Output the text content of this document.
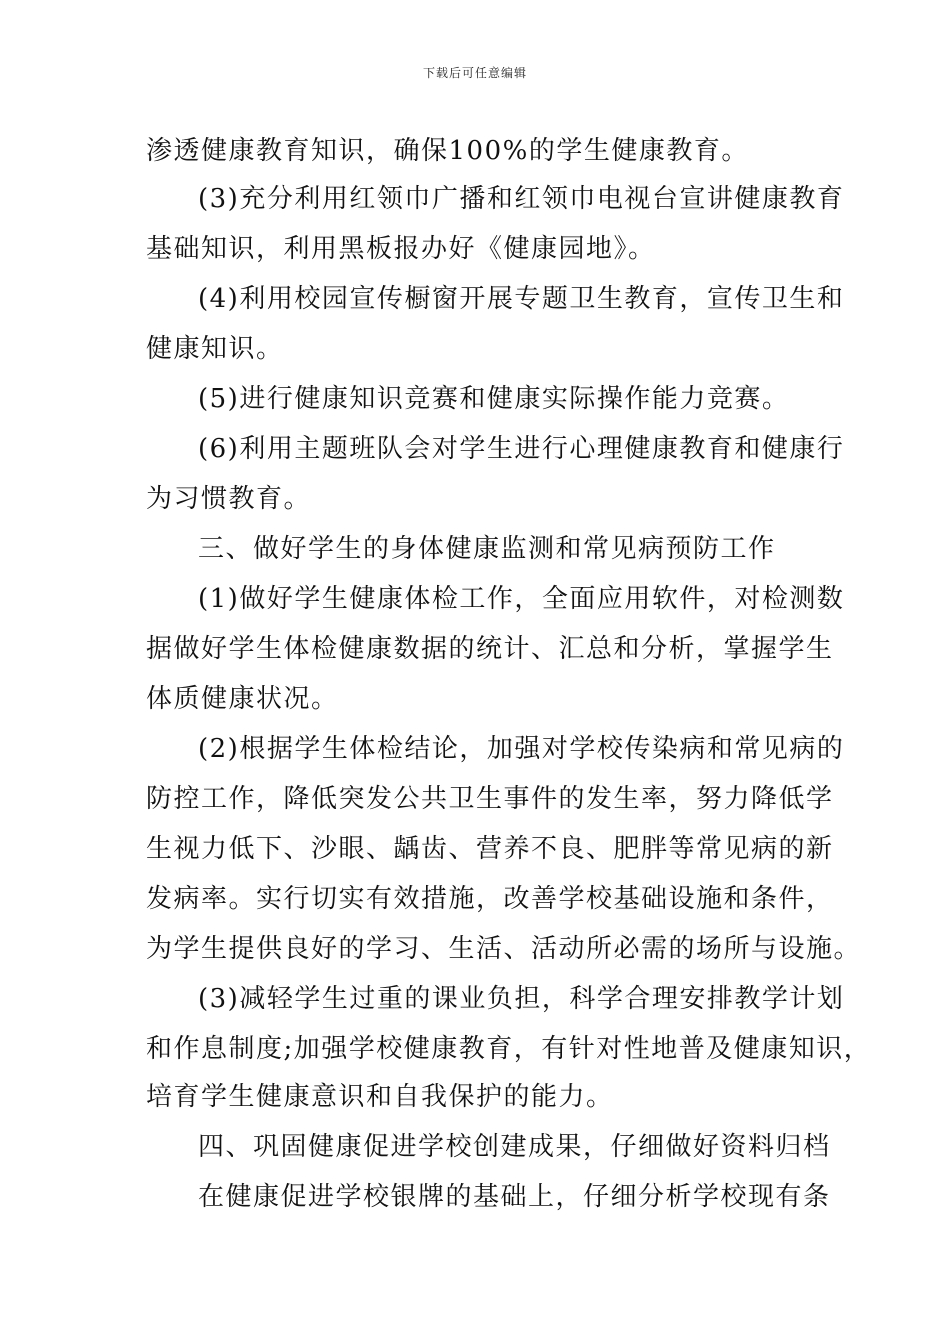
下载后可任意编辑
渗透健康教育知识，确保100%的学生健康教育。
(3)充分利用红领巾广播和红领巾电视台宣讲健康教育
基础知识，利用黑板报办好《健康园地》。
(4)利用校园宣传橱窗开展专题卫生教育，宣传卫生和
健康知识。
(5)进行健康知识竞赛和健康实际操作能力竞赛。
(6)利用主题班队会对学生进行心理健康教育和健康行
为习惯教育。
三、做好学生的身体健康监测和常见病预防工作
(1)做好学生健康体检工作，全面应用软件，对检测数
据做好学生体检健康数据的统计、汇总和分析，掌握学生
体质健康状况。
(2)根据学生体检结论，加强对学校传染病和常见病的
防控工作，降低突发公共卫生事件的发生率，努力降低学
生视力低下、沙眼、龋齿、营养不良、肥胖等常见病的新
发病率。实行切实有效措施，改善学校基础设施和条件，
为学生提供良好的学习、生活、活动所必需的场所与设施。
(3)减轻学生过重的课业负担，科学合理安排教学计划
和作息制度;加强学校健康教育，有针对性地普及健康知识，
培育学生健康意识和自我保护的能力。
四、巩固健康促进学校创建成果，仔细做好资料归档
在健康促进学校银牌的基础上，仔细分析学校现有条
